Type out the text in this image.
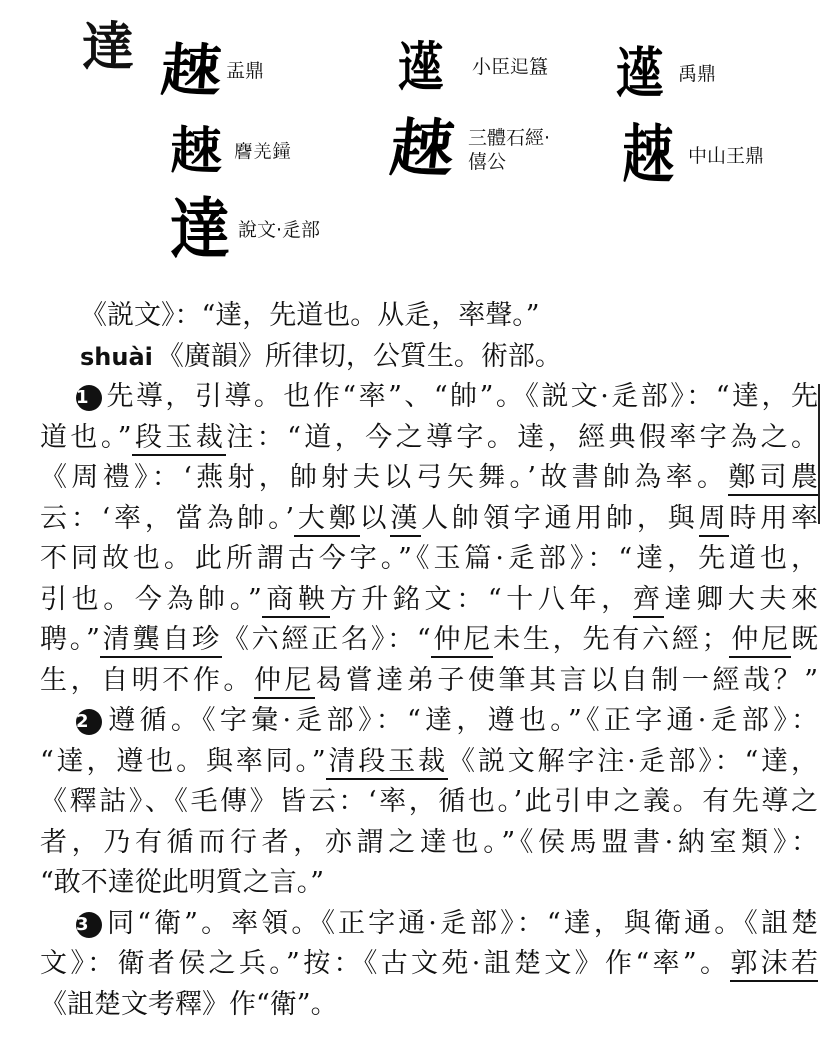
達 𧻕 盂鼎	遳 小臣𨑓簋 遳 禹鼎
𧻕 𪊨羌鐘 𧻕 三體石經·
僖公	𧻕 中山王鼎
達 說文·辵部
《説文》：“達，先道也。从辵，率聲。”
shuài 《廣韻》所律切，公質生。術部。
1 先導，引導。也作“率”、“帥”。《説文·辵部》：“達，先
道也。”段玉裁注：“道，今之導字。達，經典假率字為之。
《周禮》：‘燕射，帥射夫以弓矢舞。’故書帥為率。鄭司農
云：‘率，當為帥。’大鄭以漢人帥領字通用帥，與周時用率
不同故也。此所謂古今字。”《玉篇·辵部》：“達，先道也，
引也。今為帥。”商鞅方升銘文：“十八年，齊達卿大夫來
聘。”清龔自珍《六經正名》：“仲尼未生，先有六經；仲尼既
生，自明不作。仲尼曷嘗達弟子使筆其言以自制一經哉？”
2 遵循。《字彙·辵部》：“達，遵也。”《正字通·辵部》：
“達，遵也。與率同。”清段玉裁《説文解字注·辵部》：“達，
《釋詁》、《毛傳》皆云：‘率，循也。’此引申之義。有先導之
者，乃有循而行者，亦謂之達也。”《侯馬盟書·納室類》：
“敢不達從此明質之言。”
3 同“衛”。率領。《正字通·辵部》：“達，與衛通。《詛楚
文》：衛者侯之兵。”按：《古文苑·詛楚文》作“率”。郭沫若
《詛楚文考釋》作“衛”。
